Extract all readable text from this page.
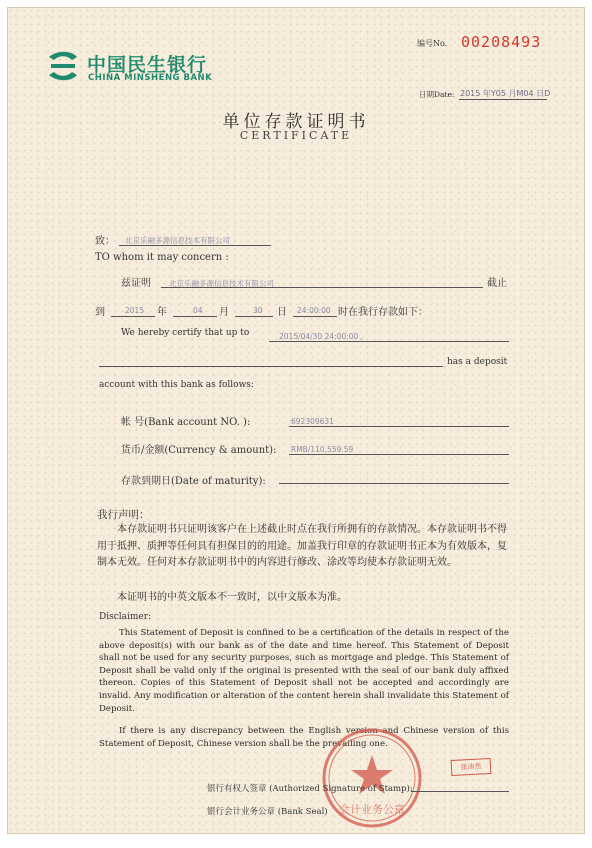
中国民生银行
CHINA MINSHENG BANK
编号No. 00208493
日期Date: 2015 年Y05 月M04 日D
单位存款证明书
CERTIFICATE
致： 北京乐融多源信息技术有限公司
TO whom it may concern :
兹证明 北京乐融多源信息技术有限公司	截止
到	2015 年	04 月	30 日 24:00:00 时在我行存款如下：
We hereby certify that up to	2015/04/30 24:00:00 ,
has a deposit
account with this bank as follows:
帐 号(Bank account NO. ):	692309631
货币/金额(Currency & amount): RMB/110,559.59
存款到期日(Date of maturity):
我行声明：
本存款证明书只证明该客户在上述截止时点在我行所拥有的存款情况。本存款证明书不得用于抵押、质押等任何具有担保目的的用途。加盖我行印章的存款证明书正本为有效版本，复制本无效。任何对本存款证明书中的内容进行修改、涂改等均使本存款证明无效。
本证明书的中英文版本不一致时，以中文版本为准。
Disclaimer:
This Statement of Deposit is confined to be a certification of the details in respect of the above deposit(s) with our bank as of the date and time hereof. This Statement of Deposit shall not be used for any security purposes, such as mortgage and pledge. This Statement of Deposit shall be valid only if the original is presented with the seal of our bank duly affixed thereon. Copies of this Statement of Deposit shall not be accepted and accordingly are invalid. Any modification or alteration of the content herein shall invalidate this Statement of Deposit.
If there is any discrepancy between the English version and Chinese version of this Statement of Deposit, Chinese version shall be the prevailing one.
会计业务公章
张沛然
银行有权人签章 (Authorized Signature of Stamp):
银行会计业务公章 (Bank Seal)
